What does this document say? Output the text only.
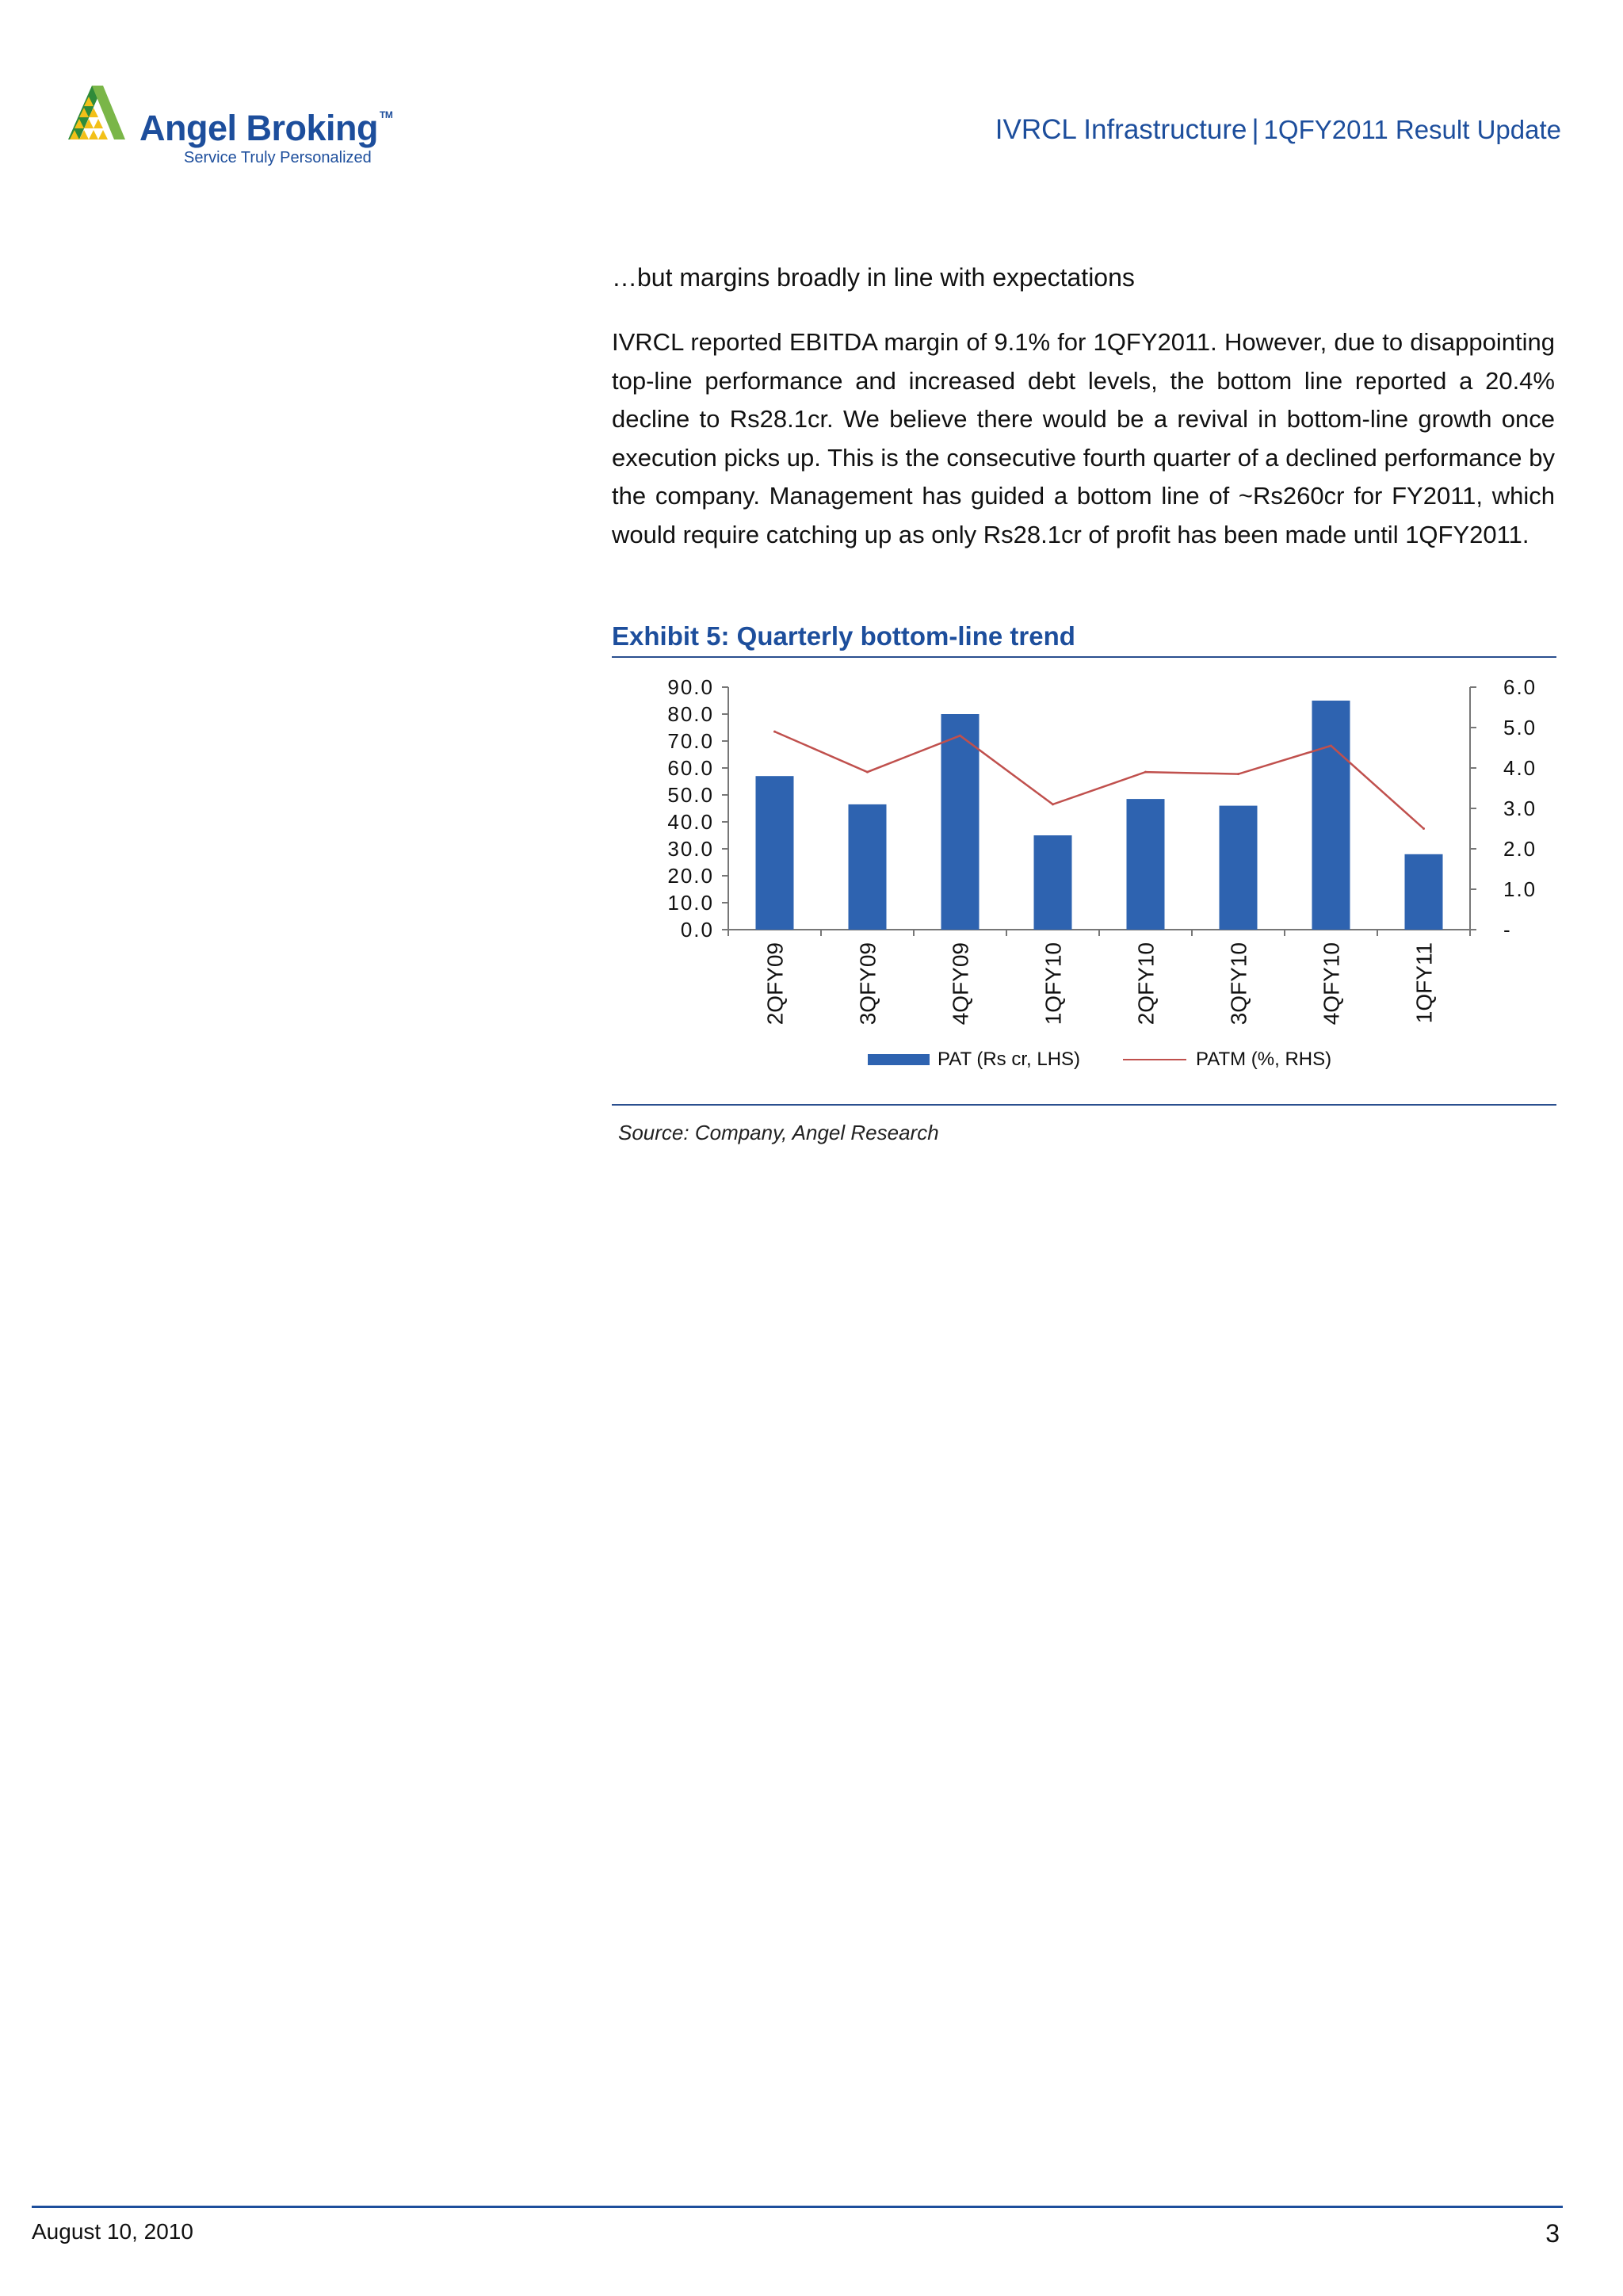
Angel Broking ™
Service Truly Personalized
IVRCL Infrastructure | 1QFY2011 Result Update
…but margins broadly in line with expectations
IVRCL reported EBITDA margin of 9.1% for 1QFY2011. However, due to disappointing top-line performance and increased debt levels, the bottom line reported a 20.4% decline to Rs28.1cr. We believe there would be a revival in bottom-line growth once execution picks up. This is the consecutive fourth quarter of a declined performance by the company. Management has guided a bottom line of ~Rs260cr for FY2011, which would require catching up as only Rs28.1cr of profit has been made until 1QFY2011.
Exhibit 5: Quarterly bottom-line trend
0.0
10.0
20.0
30.0
40.0
50.0
60.0
70.0
80.0
90.0
-
1.0
2.0
3.0
4.0
5.0
6.0
2QFY09	3QFY09	4QFY09	1QFY10	2QFY10	3QFY10	4QFY10	1QFY11
PAT (Rs cr, LHS)	PATM (%, RHS)
Source: Company, Angel Research
August 10, 2010	3
